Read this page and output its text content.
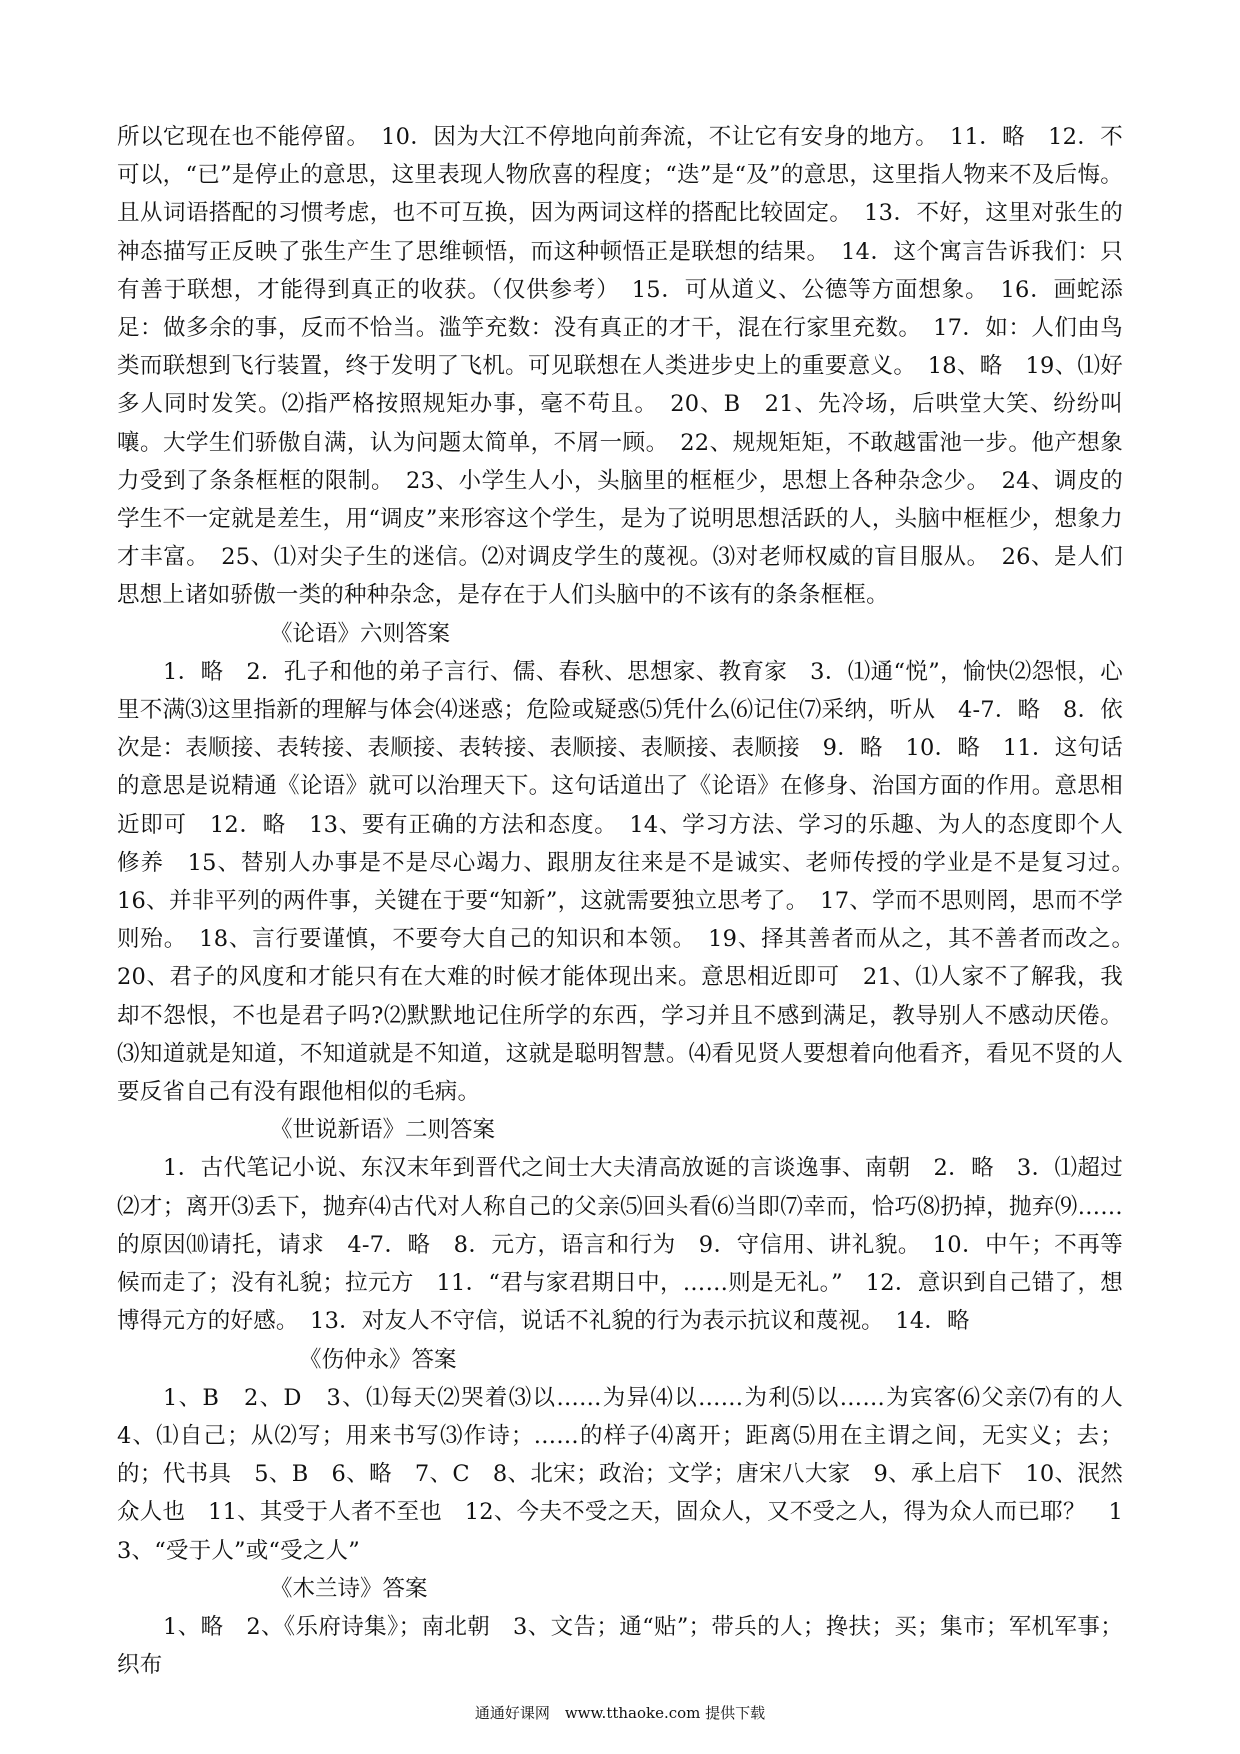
所以它现在也不能停留。　10．因为大江不停地向前奔流，不让它有安身的地方。　11．略　12．不可以，“已”是停止的意思，这里表现人物欣喜的程度；“迭”是“及”的意思，这里指人物来不及后悔。且从词语搭配的习惯考虑，也不可互换，因为两词这样的搭配比较固定。　13．不好，这里对张生的神态描写正反映了张生产生了思维顿悟，而这种顿悟正是联想的结果。　14．这个寓言告诉我们：只有善于联想，才能得到真正的收获。（仅供参考）　15．可从道义、公德等方面想象。　16．画蛇添足：做多余的事，反而不恰当。滥竽充数：没有真正的才干，混在行家里充数。　17．如：人们由鸟类而联想到飞行装置，终于发明了飞机。可见联想在人类进步史上的重要意义。　18、略　19、⑴好多人同时发笑。⑵指严格按照规矩办事，毫不苟且。　20、B　21、先冷场，后哄堂大笑、纷纷叫嚷。大学生们骄傲自满，认为问题太简单，不屑一顾。　22、规规矩矩，不敢越雷池一步。他产想象力受到了条条框框的限制。　23、小学生人小，头脑里的框框少，思想上各种杂念少。　24、调皮的学生不一定就是差生，用“调皮”来形容这个学生，是为了说明思想活跃的人，头脑中框框少，想象力才丰富。　25、⑴对尖子生的迷信。⑵对调皮学生的蔑视。⑶对老师权威的盲目服从。　26、是人们思想上诸如骄傲一类的种种杂念，是存在于人们头脑中的不该有的条条框框。

《论语》六则答案

1．略　2．孔子和他的弟子言行、儒、春秋、思想家、教育家　3．⑴通“悦”，愉快⑵怨恨，心里不满⑶这里指新的理解与体会⑷迷惑；危险或疑惑⑸凭什么⑹记住⑺采纳，听从　4-7．略　8．依次是：表顺接、表转接、表顺接、表转接、表顺接、表顺接、表顺接　9．略　10．略　11．这句话的意思是说精通《论语》就可以治理天下。这句话道出了《论语》在修身、治国方面的作用。意思相近即可　12．略　13、要有正确的方法和态度。　14、学习方法、学习的乐趣、为人的态度即个人修养　15、替别人办事是不是尽心竭力、跟朋友往来是不是诚实、老师传授的学业是不是复习过。　16、并非平列的两件事，关键在于要“知新”，这就需要独立思考了。　17、学而不思则罔，思而不学则殆。　18、言行要谨慎，不要夸大自己的知识和本领。　19、择其善者而从之，其不善者而改之。　20、君子的风度和才能只有在大难的时候才能体现出来。意思相近即可　21、⑴人家不了解我，我却不怨恨，不也是君子吗?⑵默默地记住所学的东西，学习并且不感到满足，教导别人不感动厌倦。⑶知道就是知道，不知道就是不知道，这就是聪明智慧。⑷看见贤人要想着向他看齐，看见不贤的人要反省自己有没有跟他相似的毛病。

《世说新语》二则答案

1．古代笔记小说、东汉末年到晋代之间士大夫清高放诞的言谈逸事、南朝　2．略　3．⑴超过⑵才；离开⑶丢下，抛弃⑷古代对人称自己的父亲⑸回头看⑹当即⑺幸而，恰巧⑻扔掉，抛弃⑼……的原因⑽请托，请求　4-7．略　8．元方，语言和行为　9．守信用、讲礼貌。　10．中午；不再等候而走了；没有礼貌；拉元方　11．“君与家君期日中，……则是无礼。”　12．意识到自己错了，想博得元方的好感。　13．对友人不守信，说话不礼貌的行为表示抗议和蔑视。　14．略

《伤仲永》答案

1、B　2、D　3、⑴每天⑵哭着⑶以……为异⑷以……为利⑸以……为宾客⑹父亲⑺有的人　4、⑴自己；从⑵写；用来书写⑶作诗；……的样子⑷离开；距离⑸用在主谓之间，无实义；去；的；代书具　5、B　6、略　7、C　8、北宋；政治；文学；唐宋八大家　9、承上启下　10、泯然众人也　11、其受于人者不至也　12、今夫不受之天，固众人，又不受之人，得为众人而已耶？　13、“受于人”或“受之人”

《木兰诗》答案

1、略　2、《乐府诗集》；南北朝　3、文告；通“贴”；带兵的人；搀扶；买；集市；军机军事；织布

通通好课网　www.tthaoke.com 提供下载
